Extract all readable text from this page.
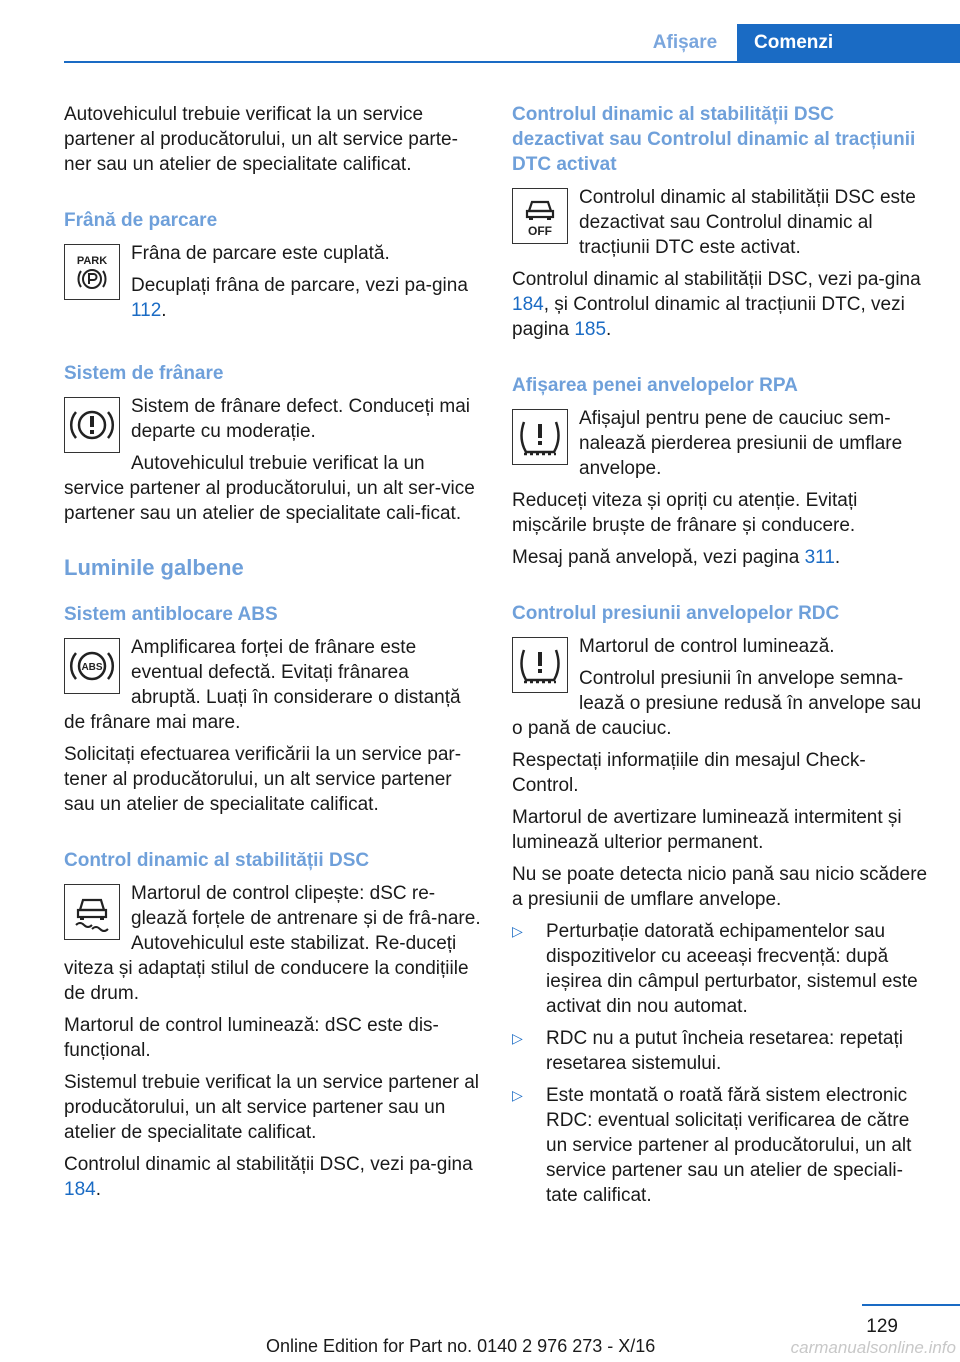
Afișare	Comenzi

Autovehiculul trebuie verificat la un service partener al producătorului, un alt service parte‐ner sau un atelier de specialitate calificat.

Frână de parcare
PARK	Frâna de parcare este cuplată.

Decuplați frâna de parcare, vezi pa‐gina 112.

Sistem de frânare

Sistem de frânare defect. Conduceți mai departe cu moderație.

Autovehiculul trebuie verificat la un service partener al producătorului, un alt ser‐vice partener sau un atelier de specialitate cali‐ficat.

Luminile galbene
Sistem antiblocare ABS
ABS

Amplificarea forței de frânare este eventual defectă. Evitați frânarea abruptă. Luați în considerare o distanță de frânare mai mare.

Solicitați efectuarea verificării la un service par‐tener al producătorului, un alt service partener sau un atelier de specialitate calificat.

Control dinamic al stabilității DSC

Martorul de control clipește: dSC re‐glează forțele de antrenare și de frâ‐nare. Autovehiculul este stabilizat. Re‐duceți viteza și adaptați stilul de conducere la condițiile de drum.

Martorul de control luminează: dSC este dis‐funcțional.

Sistemul trebuie verificat la un service partener al producătorului, un alt service partener sau un atelier de specialitate calificat.

Controlul dinamic al stabilității DSC, vezi pa‐gina 184.

Controlul dinamic al stabilității DSC dezactivat sau Controlul dinamic al tracțiunii DTC activat
OFF

Controlul dinamic al stabilității DSC este dezactivat sau Controlul dinamic al tracțiunii DTC este activat.

Controlul dinamic al stabilității DSC, vezi pa‐gina 184, și Controlul dinamic al tracțiunii DTC, vezi pagina 185.

Afișarea penei anvelopelor RPA

Afișajul pentru pene de cauciuc sem‐nalează pierderea presiunii de umflare anvelope.

Reduceți viteza și opriți cu atenție. Evitați mișcările bruște de frânare și conducere.

Mesaj pană anvelopă, vezi pagina 311.

Controlul presiunii anvelopelor RDC

Martorul de control luminează.

Controlul presiunii în anvelope semna‐lează o presiune redusă în anvelope sau o pană de cauciuc.

Respectați informațiile din mesajul Check-Control.

Martorul de avertizare luminează intermitent și luminează ulterior permanent.

Nu se poate detecta nicio pană sau nicio scădere a presiunii de umflare anvelope.

▷ Perturbație datorată echipamentelor sau dispozitivelor cu aceeași frecvență: după ieșirea din câmpul perturbator, sistemul este activat din nou automat.
▷ RDC nu a putut încheia resetarea: repetați resetarea sistemului.
▷ Este montată o roată fără sistem electronic RDC: eventual solicitați verificarea de către un service partener al producătorului, un alt service partener sau un atelier de speciali‐tate calificat.
129
Online Edition for Part no. 0140 2 976 273 - X/16	carmanualsonline.info
